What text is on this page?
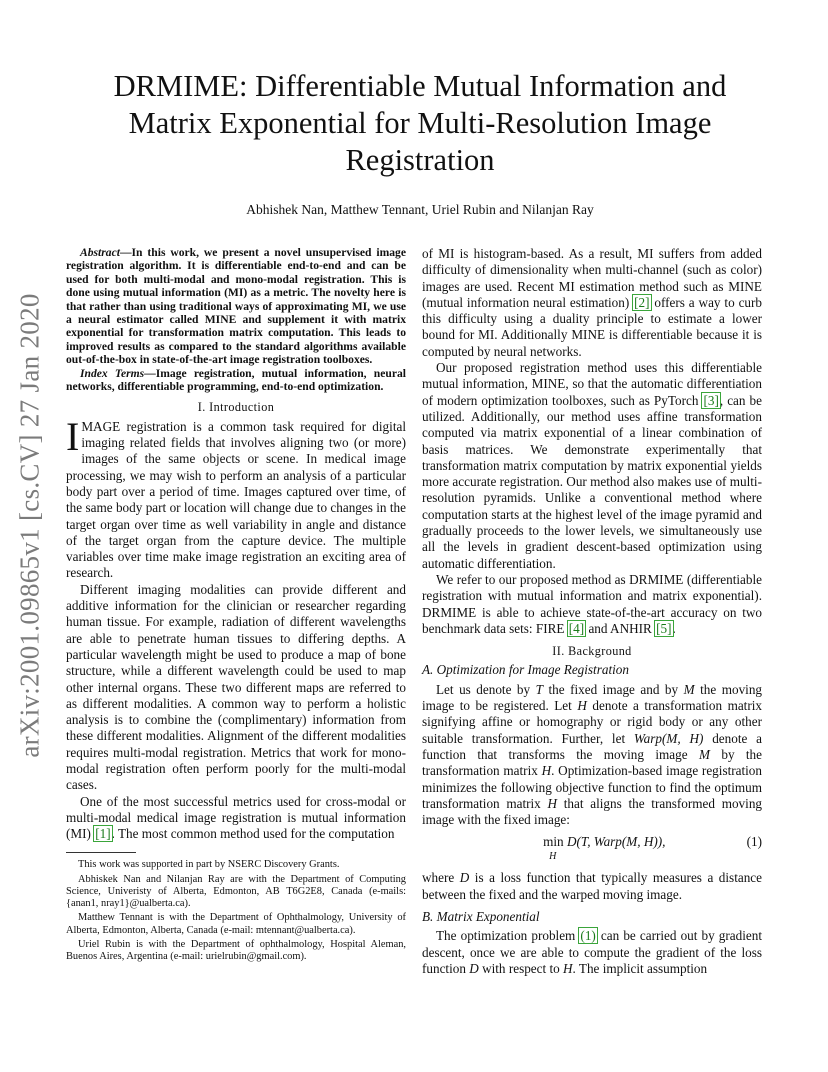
arXiv:2001.09865v1 [cs.CV] 27 Jan 2020
DRMIME: Differentiable Mutual Information and Matrix Exponential for Multi-Resolution Image Registration
Abhishek Nan, Matthew Tennant, Uriel Rubin and Nilanjan Ray

Abstract—In this work, we present a novel unsupervised image registration algorithm. It is differentiable end-to-end and can be used for both multi-modal and mono-modal registration. This is done using mutual information (MI) as a metric. The novelty here is that rather than using traditional ways of approximating MI, we use a neural estimator called MINE and supplement it with matrix exponential for transformation matrix computation. This leads to improved results as compared to the standard algorithms available out-of-the-box in state-of-the-art image registration toolboxes.

Index Terms—Image registration, mutual information, neural networks, differentiable programming, end-to-end optimization.

I. Introduction

IMAGE registration is a common task required for digital imaging related fields that involves aligning two (or more) images of the same objects or scene. In medical image processing, we may wish to perform an analysis of a particular body part over a period of time. Images captured over time, of the same body part or location will change due to changes in the target organ over time as well variability in angle and distance of the target organ from the capture device. The multiple variables over time make image registration an exciting area of research.

Different imaging modalities can provide different and additive information for the clinician or researcher regarding human tissue. For example, radiation of different wavelengths are able to penetrate human tissues to differing depths. A particular wavelength might be used to produce a map of bone structure, while a different wavelength could be used to map other internal organs. These two different maps are referred to as different modalities. A common way to perform a holistic analysis is to combine the (complimentary) information from these different modalities. Alignment of the different modalities requires multi-modal registration. Metrics that work for mono-modal registration often perform poorly for the multi-modal cases.

One of the most successful metrics used for cross-modal or multi-modal medical image registration is mutual information (MI) [1]. The most common method used for the computation

This work was supported in part by NSERC Discovery Grants.

Abhiskek Nan and Nilanjan Ray are with the Department of Computing Science, Univeristy of Alberta, Edmonton, AB T6G2E8, Canada (e-mails: {anan1, nray1}@ualberta.ca).

Matthew Tennant is with the Department of Ophthalmology, University of Alberta, Edmonton, Alberta, Canada (e-mail: mtennant@ualberta.ca).

Uriel Rubin is with the Department of ophthalmology, Hospital Aleman, Buenos Aires, Argentina (e-mail: urielrubin@gmail.com).

of MI is histogram-based. As a result, MI suffers from added difficulty of dimensionality when multi-channel (such as color) images are used. Recent MI estimation method such as MINE (mutual information neural estimation) [2] offers a way to curb this difficulty using a duality principle to estimate a lower bound for MI. Additionally MINE is differentiable because it is computed by neural networks.

Our proposed registration method uses this differentiable mutual information, MINE, so that the automatic differentiation of modern optimization toolboxes, such as PyTorch [3], can be utilized. Additionally, our method uses affine transformation computed via matrix exponential of a linear combination of basis matrices. We demonstrate experimentally that transformation matrix computation by matrix exponential yields more accurate registration. Our method also makes use of multi-resolution pyramids. Unlike a conventional method where computation starts at the highest level of the image pyramid and gradually proceeds to the lower levels, we simultaneously use all the levels in gradient descent-based optimization using automatic differentiation.

We refer to our proposed method as DRMIME (differentiable registration with mutual information and matrix exponential). DRMIME is able to achieve state-of-the-art accuracy on two benchmark data sets: FIRE [4] and ANHIR [5].

II. Background
A. Optimization for Image Registration

Let us denote by T the fixed image and by M the moving image to be registered. Let H denote a transformation matrix signifying affine or homography or rigid body or any other suitable transformation. Further, let Warp(M, H) denote a function that transforms the moving image M by the transformation matrix H. Optimization-based image registration minimizes the following objective function to find the optimum transformation matrix H that aligns the transformed moving image with the fixed image:

min
H
D(T, Warp(M, H)),	(1)

where D is a loss function that typically measures a distance between the fixed and the warped moving image.

B. Matrix Exponential

The optimization problem (1) can be carried out by gradient descent, once we are able to compute the gradient of the loss function D with respect to H. The implicit assumption
